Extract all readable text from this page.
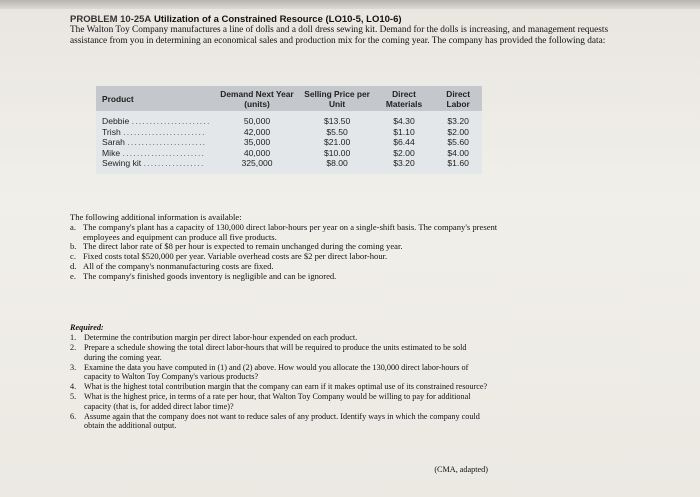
PROBLEM 10-25A Utilization of a Constrained Resource (LO10-5, LO10-6)
The Walton Toy Company manufactures a line of dolls and a doll dress sewing kit. Demand for the dolls is increasing, and management requests assistance from you in determining an economical sales and production mix for the coming year. The company has provided the following data:
Product	Demand Next Year (units)	Selling Price per Unit	Direct Materials	Direct Labor
Debbie ......................	50,000	$13.50	$4.30	$3.20
Trish .......................	42,000	$5.50	$1.10	$2.00
Sarah ......................	35,000	$21.00	$6.44	$5.60
Mike .......................	40,000	$10.00	$2.00	$4.00
Sewing kit .................	325,000	$8.00	$3.20	$1.60

The following additional information is available:

a. The company's plant has a capacity of 130,000 direct labor-hours per year on a single-shift basis. The company's present employees and equipment can produce all five products.
b. The direct labor rate of $8 per hour is expected to remain unchanged during the coming year.
c. Fixed costs total $520,000 per year. Variable overhead costs are $2 per direct labor-hour.
d. All of the company's nonmanufacturing costs are fixed.
e. The company's finished goods inventory is negligible and can be ignored.
Required:
1. Determine the contribution margin per direct labor-hour expended on each product.
2. Prepare a schedule showing the total direct labor-hours that will be required to produce the units estimated to be sold during the coming year.
3. Examine the data you have computed in (1) and (2) above. How would you allocate the 130,000 direct labor-hours of capacity to Walton Toy Company's various products?
4. What is the highest total contribution margin that the company can earn if it makes optimal use of its constrained resource?
5. What is the highest price, in terms of a rate per hour, that Walton Toy Company would be willing to pay for additional capacity (that is, for added direct labor time)?
6. Assume again that the company does not want to reduce sales of any product. Identify ways in which the company could obtain the additional output.
(CMA, adapted)
